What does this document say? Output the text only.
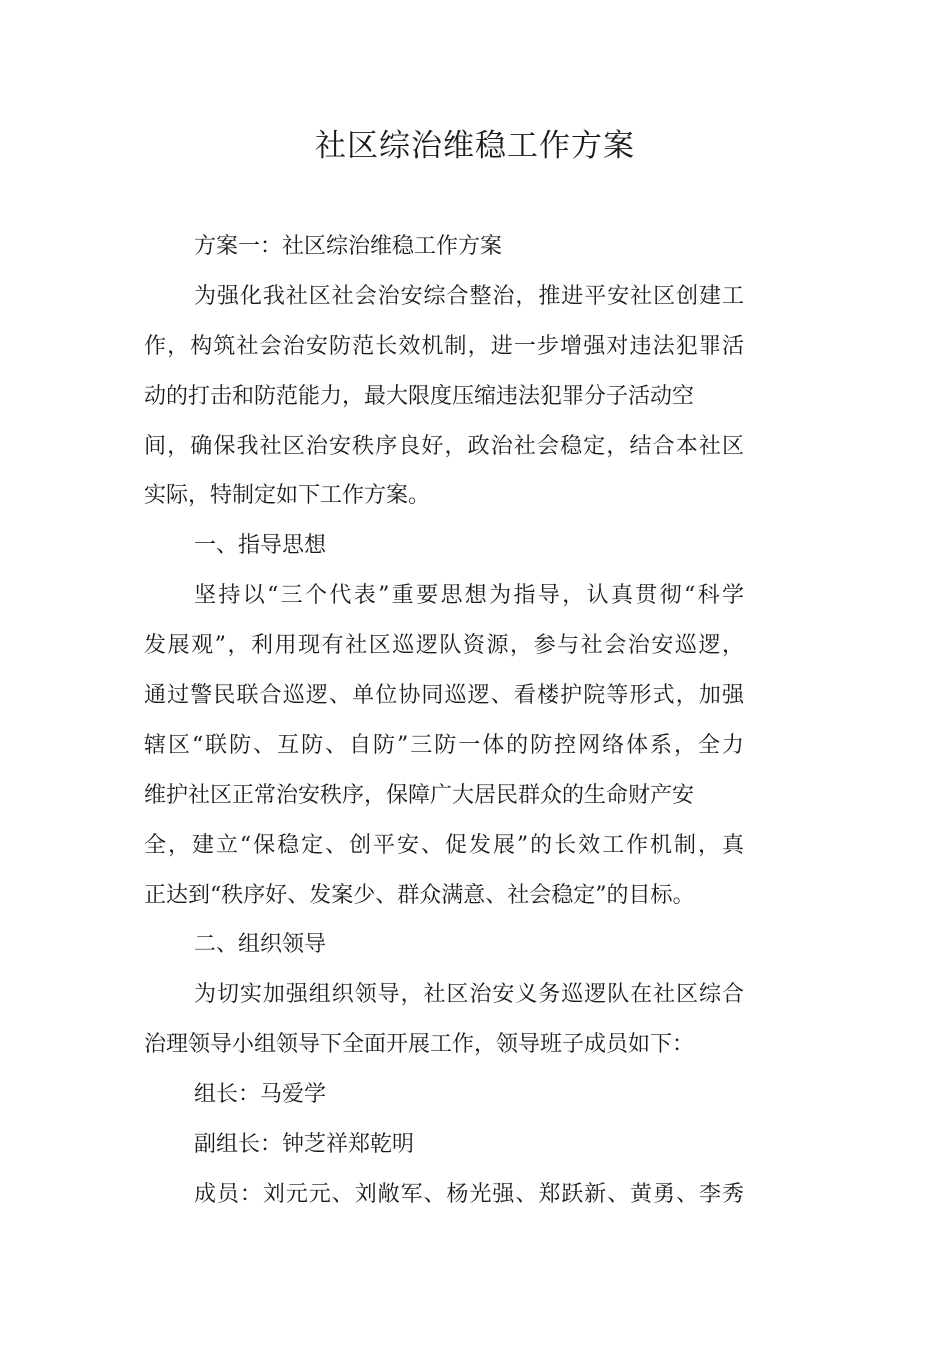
社区综治维稳工作方案
方案一：社区综治维稳工作方案
为强化我社区社会治安综合整治，推进平安社区创建工
作，构筑社会治安防范长效机制，进一步增强对违法犯罪活
动的打击和防范能力，最大限度压缩违法犯罪分子活动空
间，确保我社区治安秩序良好，政治社会稳定，结合本社区
实际，特制定如下工作方案。
一、指导思想
坚持以“三个代表”重要思想为指导，认真贯彻“科学
发展观”，利用现有社区巡逻队资源，参与社会治安巡逻，
通过警民联合巡逻、单位协同巡逻、看楼护院等形式，加强
辖区“联防、互防、自防”三防一体的防控网络体系，全力
维护社区正常治安秩序，保障广大居民群众的生命财产安
全，建立“保稳定、创平安、促发展”的长效工作机制，真
正达到“秩序好、发案少、群众满意、社会稳定”的目标。
二、组织领导
为切实加强组织领导，社区治安义务巡逻队在社区综合
治理领导小组领导下全面开展工作，领导班子成员如下：
组长：马爱学
副组长：钟芝祥郑乾明
成员：刘元元、刘敞军、杨光强、郑跃新、黄勇、李秀
